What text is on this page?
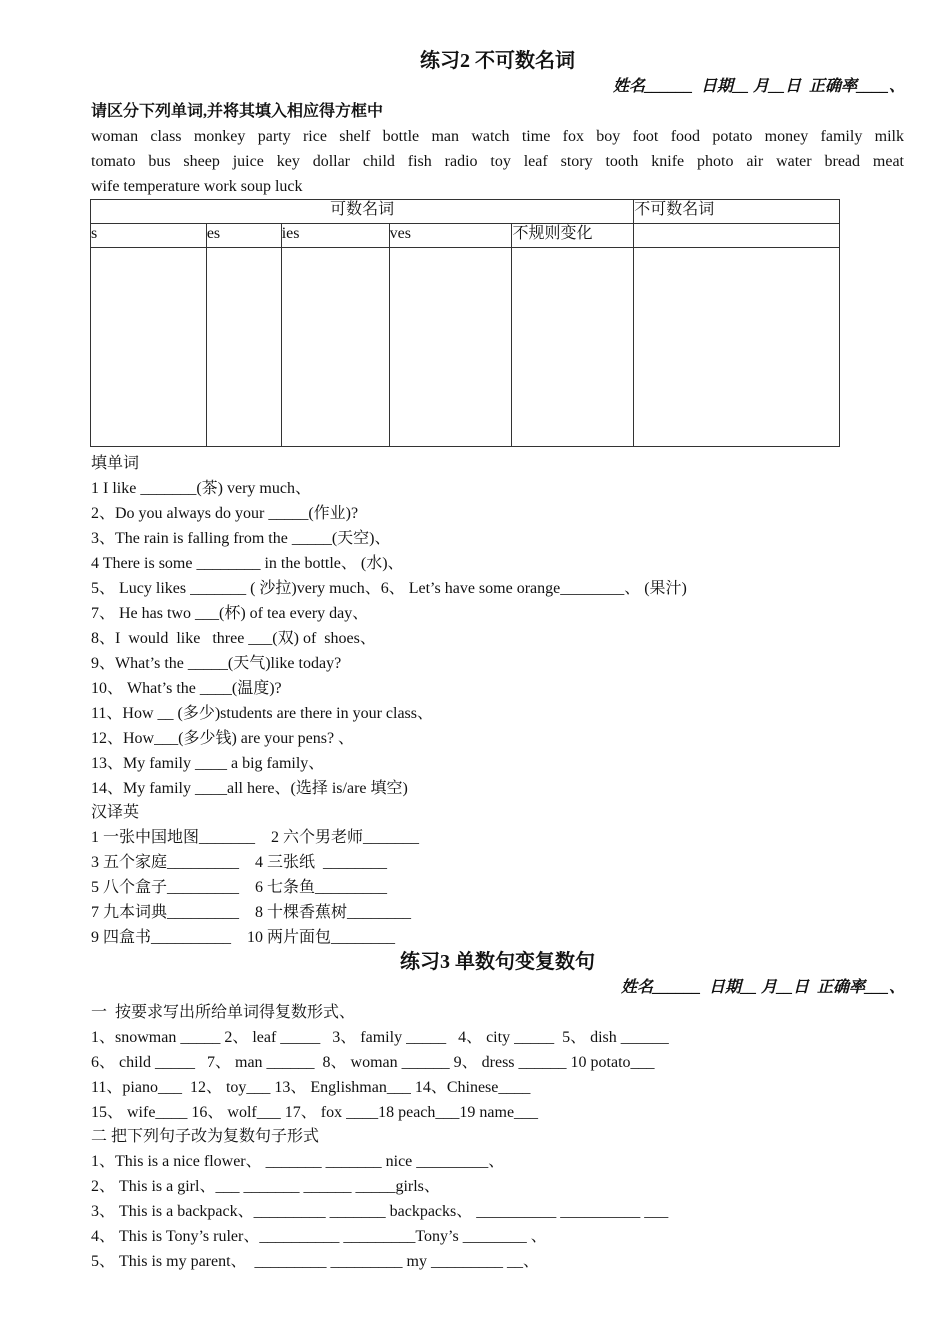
练习2 不可数名词
姓名______  日期__ 月__日  正确率____、
请区分下列单词,并将其填入相应得方框中
woman class monkey party rice shelf bottle man watch time fox boy foot food potato money family milk
tomato bus sheep juice key dollar child fish radio toy leaf story tooth knife photo air water bread meat
wife temperature work soup luck
可数名词					不可数名词
s	es	ies	ves	不规则变化	

填单词
1 I like _______(茶) very much、
2、Do you always do your _____(作业)?
3、The rain is falling from the _____(天空)、
4 There is some ________ in the bottle、 (水)、
5、 Lucy likes _______ ( 沙拉)very much、6、 Let’s have some orange________、 (果汁)
7、 He has two ___(杯) of tea every day、
8、I  would  like   three ___(双) of  shoes、
9、What’s the _____(天气)like today?
10、 What’s the ____(温度)?
11、How __ (多少)students are there in your class、
12、How___(多少钱) are your pens? 、
13、My family ____ a big family、
14、My family ____all here、(选择 is/are 填空)
汉译英
1 一张中国地图_______    2 六个男老师_______
3 五个家庭_________    4 三张纸  ________
5 八个盒子_________    6 七条鱼_________
7 九本词典_________    8 十棵香蕉树________
9 四盒书__________    10 两片面包________
练习3 单数句变复数句
姓名______  日期__ 月__日  正确率___、
一  按要求写出所给单词得复数形式、
1、snowman _____ 2、 leaf _____   3、 family _____   4、 city _____  5、 dish ______
6、 child _____   7、 man ______  8、 woman ______ 9、 dress ______ 10 potato___
11、piano___  12、 toy___ 13、 Englishman___ 14、Chinese____
15、 wife____ 16、 wolf___ 17、 fox ____18 peach___19 name___
二 把下列句子改为复数句子形式
1、This is a nice flower、 _______ _______ nice _________、
2、 This is a girl、___ _______ ______ _____girls、
3、 This is a backpack、_________ _______ backpacks、 __________ __________ ___
4、 This is Tony’s ruler、__________ _________Tony’s ________ 、
5、 This is my parent、  _________ _________ my _________ __、
